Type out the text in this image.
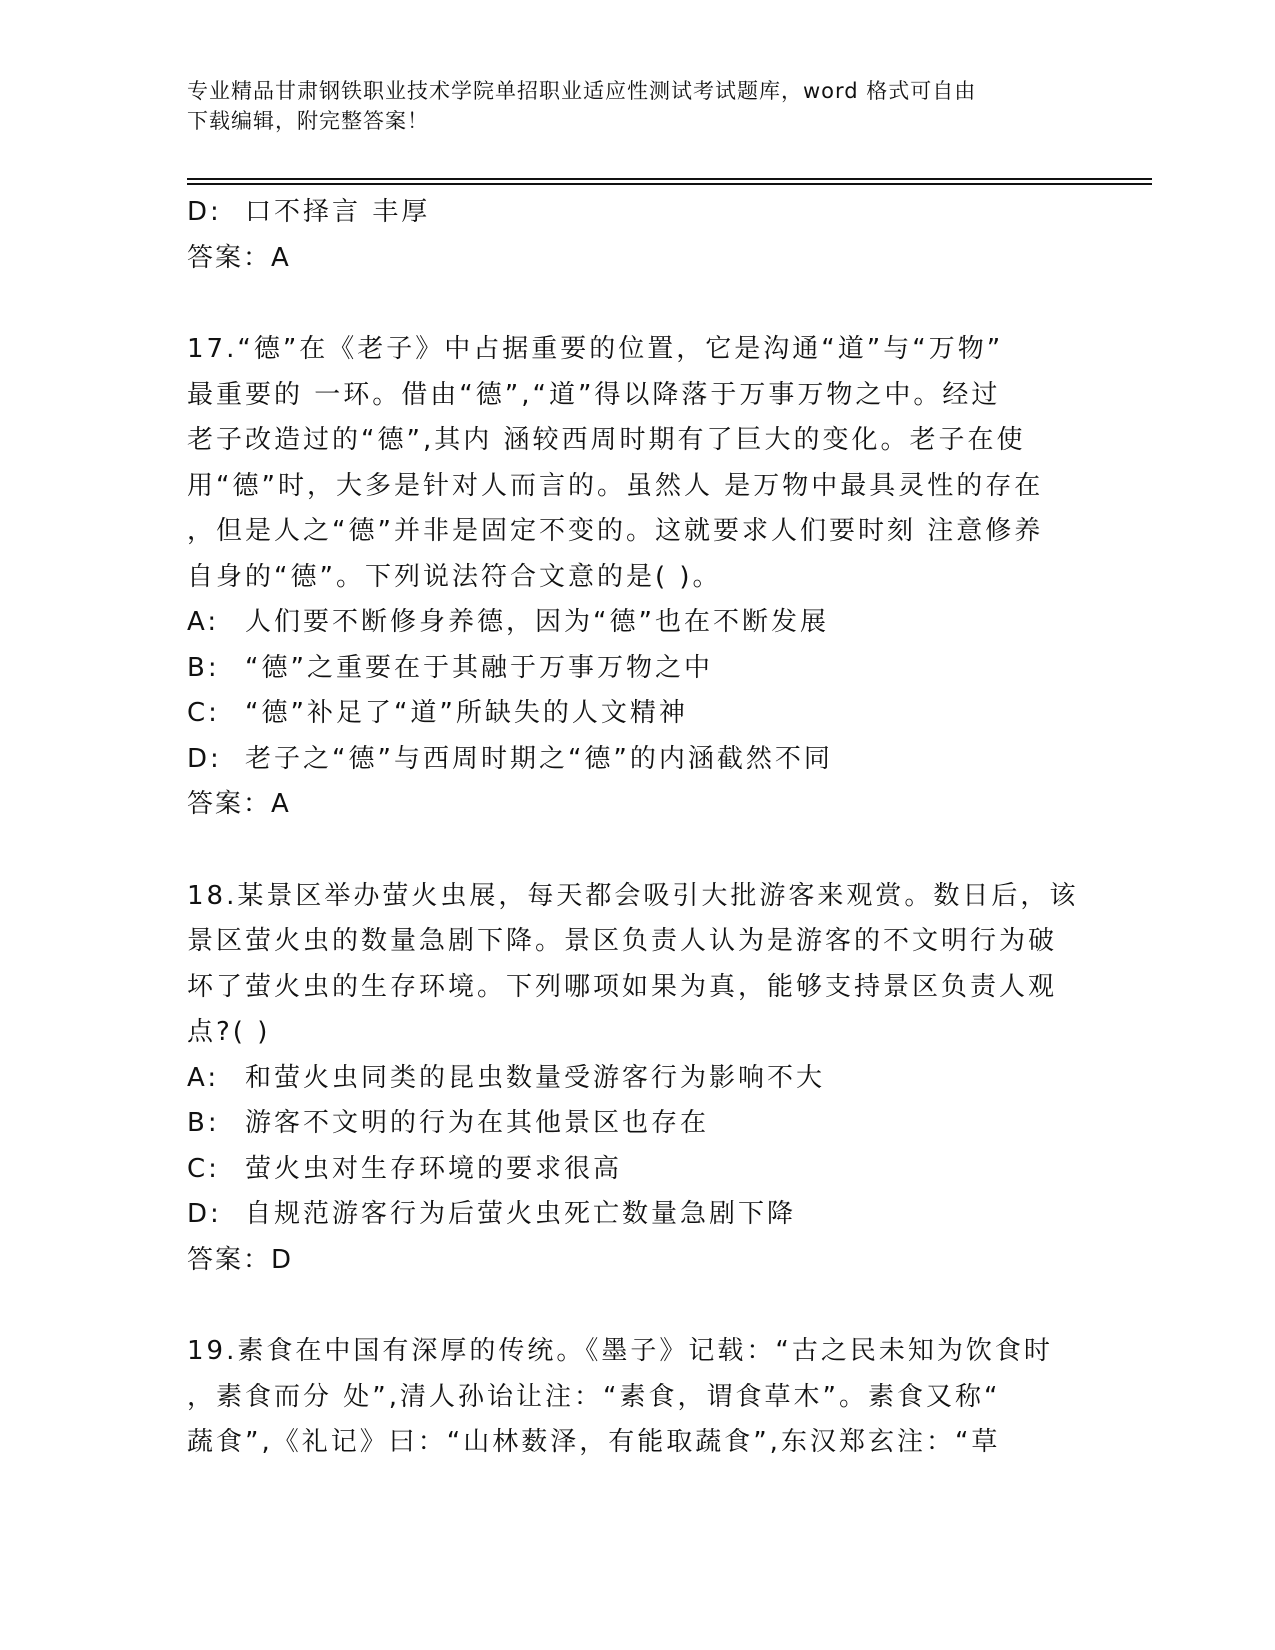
专业精品甘肃钢铁职业技术学院单招职业适应性测试考试题库，word 格式可自由
下载编辑，附完整答案！
D: 口不择言 丰厚
答案：A
17.“德”在《老子》中占据重要的位置，它是沟通“道”与“万物”
最重要的 一环。借由“德”,“道”得以降落于万事万物之中。经过
老子改造过的“德”,其内 涵较西周时期有了巨大的变化。老子在使
用“德”时，大多是针对人而言的。虽然人 是万物中最具灵性的存在
，但是人之“德”并非是固定不变的。这就要求人们要时刻 注意修养
自身的“德”。下列说法符合文意的是( )。
A: 人们要不断修身养德，因为“德”也在不断发展
B: “德”之重要在于其融于万事万物之中
C: “德”补足了“道”所缺失的人文精神
D: 老子之“德”与西周时期之“德”的内涵截然不同
答案：A
18.某景区举办萤火虫展，每天都会吸引大批游客来观赏。数日后，该
景区萤火虫的数量急剧下降。景区负责人认为是游客的不文明行为破
坏了萤火虫的生存环境。下列哪项如果为真，能够支持景区负责人观
点?( )
A: 和萤火虫同类的昆虫数量受游客行为影响不大
B: 游客不文明的行为在其他景区也存在
C: 萤火虫对生存环境的要求很高
D: 自规范游客行为后萤火虫死亡数量急剧下降
答案：D
19.素食在中国有深厚的传统。《墨子》记载：“古之民未知为饮食时
，素食而分 处”,清人孙诒让注：“素食，谓食草木”。素食又称“
蔬食”,《礼记》曰：“山林薮泽，有能取蔬食”,东汉郑玄注：“草
